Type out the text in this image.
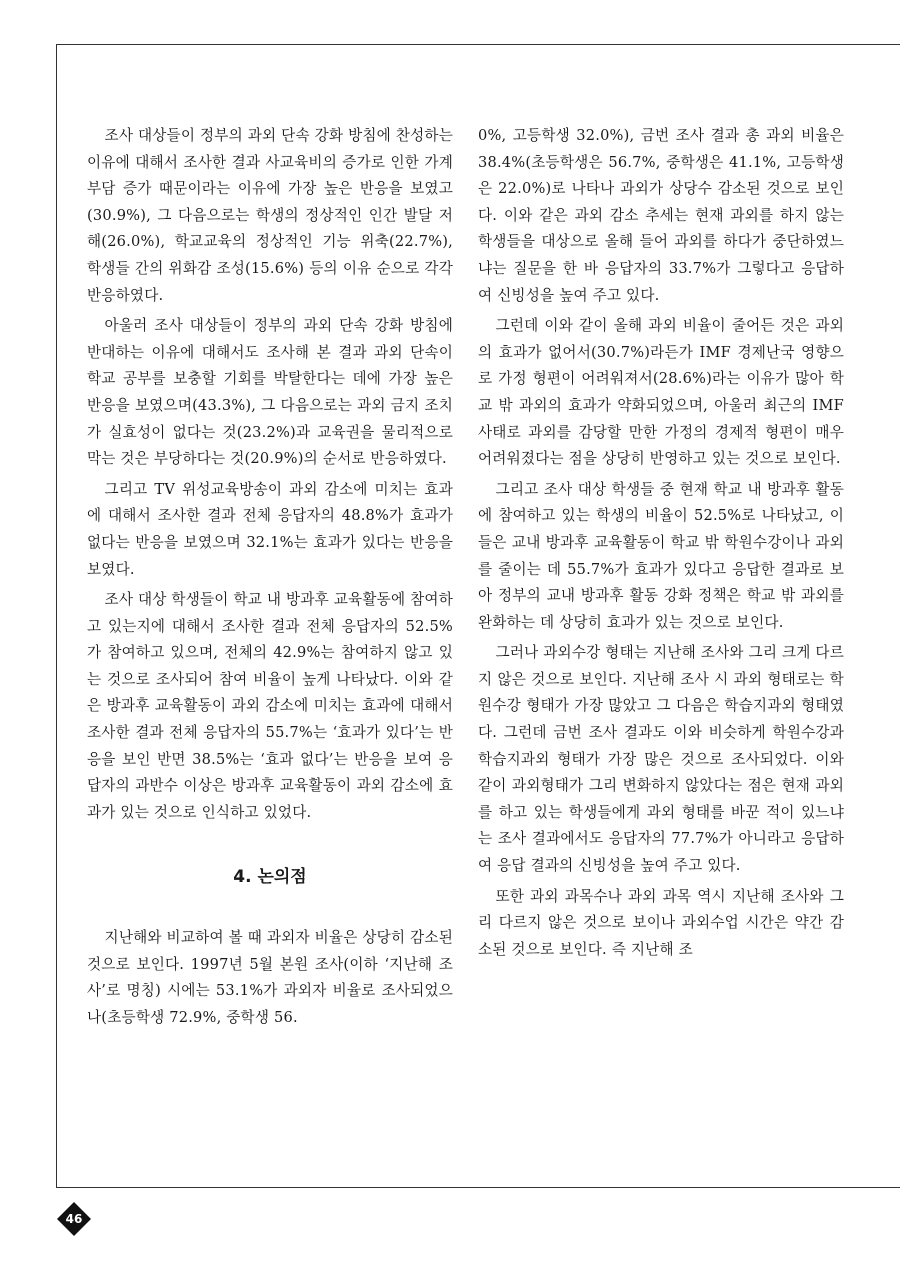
조사 대상들이 정부의 과외 단속 강화 방침에 찬성하는 이유에 대해서 조사한 결과 사교육비의 증가로 인한 가계 부담 증가 때문이라는 이유에 가장 높은 반응을 보였고(30.9%), 그 다음으로는 학생의 정상적인 인간 발달 저해(26.0%), 학교교육의 정상적인 기능 위축(22.7%), 학생들 간의 위화감 조성(15.6%) 등의 이유 순으로 각각 반응하였다.

아울러 조사 대상들이 정부의 과외 단속 강화 방침에 반대하는 이유에 대해서도 조사해 본 결과 과외 단속이 학교 공부를 보충할 기회를 박탈한다는 데에 가장 높은 반응을 보였으며(43.3%), 그 다음으로는 과외 금지 조치가 실효성이 없다는 것(23.2%)과 교육권을 물리적으로 막는 것은 부당하다는 것(20.9%)의 순서로 반응하였다.

그리고 TV 위성교육방송이 과외 감소에 미치는 효과에 대해서 조사한 결과 전체 응답자의 48.8%가 효과가 없다는 반응을 보였으며 32.1%는 효과가 있다는 반응을 보였다.

조사 대상 학생들이 학교 내 방과후 교육활동에 참여하고 있는지에 대해서 조사한 결과 전체 응답자의 52.5%가 참여하고 있으며, 전체의 42.9%는 참여하지 않고 있는 것으로 조사되어 참여 비율이 높게 나타났다. 이와 같은 방과후 교육활동이 과외 감소에 미치는 효과에 대해서 조사한 결과 전체 응답자의 55.7%는 ‘효과가 있다’는 반응을 보인 반면 38.5%는 ‘효과 없다’는 반응을 보여 응답자의 과반수 이상은 방과후 교육활동이 과외 감소에 효과가 있는 것으로 인식하고 있었다.

4. 논의점

지난해와 비교하여 볼 때 과외자 비율은 상당히 감소된 것으로 보인다. 1997년 5월 본원 조사(이하 ‘지난해 조사’로 명칭) 시에는 53.1%가 과외자 비율로 조사되었으나(초등학생 72.9%, 중학생 56.

0%, 고등학생 32.0%), 금번 조사 결과 총 과외 비율은 38.4%(초등학생은 56.7%, 중학생은 41.1%, 고등학생은 22.0%)로 나타나 과외가 상당수 감소된 것으로 보인다. 이와 같은 과외 감소 추세는 현재 과외를 하지 않는 학생들을 대상으로 올해 들어 과외를 하다가 중단하였느냐는 질문을 한 바 응답자의 33.7%가 그렇다고 응답하여 신빙성을 높여 주고 있다.

그런데 이와 같이 올해 과외 비율이 줄어든 것은 과외의 효과가 없어서(30.7%)라든가 IMF 경제난국 영향으로 가정 형편이 어려워져서(28.6%)라는 이유가 많아 학교 밖 과외의 효과가 약화되었으며, 아울러 최근의 IMF 사태로 과외를 감당할 만한 가정의 경제적 형편이 매우 어려워졌다는 점을 상당히 반영하고 있는 것으로 보인다.

그리고 조사 대상 학생들 중 현재 학교 내 방과후 활동에 참여하고 있는 학생의 비율이 52.5%로 나타났고, 이들은 교내 방과후 교육활동이 학교 밖 학원수강이나 과외를 줄이는 데 55.7%가 효과가 있다고 응답한 결과로 보아 정부의 교내 방과후 활동 강화 정책은 학교 밖 과외를 완화하는 데 상당히 효과가 있는 것으로 보인다.

그러나 과외수강 형태는 지난해 조사와 그리 크게 다르지 않은 것으로 보인다. 지난해 조사 시 과외 형태로는 학원수강 형태가 가장 많았고 그 다음은 학습지과외 형태였다. 그런데 금번 조사 결과도 이와 비슷하게 학원수강과 학습지과외 형태가 가장 많은 것으로 조사되었다. 이와 같이 과외형태가 그리 변화하지 않았다는 점은 현재 과외를 하고 있는 학생들에게 과외 형태를 바꾼 적이 있느냐는 조사 결과에서도 응답자의 77.7%가 아니라고 응답하여 응답 결과의 신빙성을 높여 주고 있다.

또한 과외 과목수나 과외 과목 역시 지난해 조사와 그리 다르지 않은 것으로 보이나 과외수업 시간은 약간 감소된 것으로 보인다. 즉 지난해 조

46
